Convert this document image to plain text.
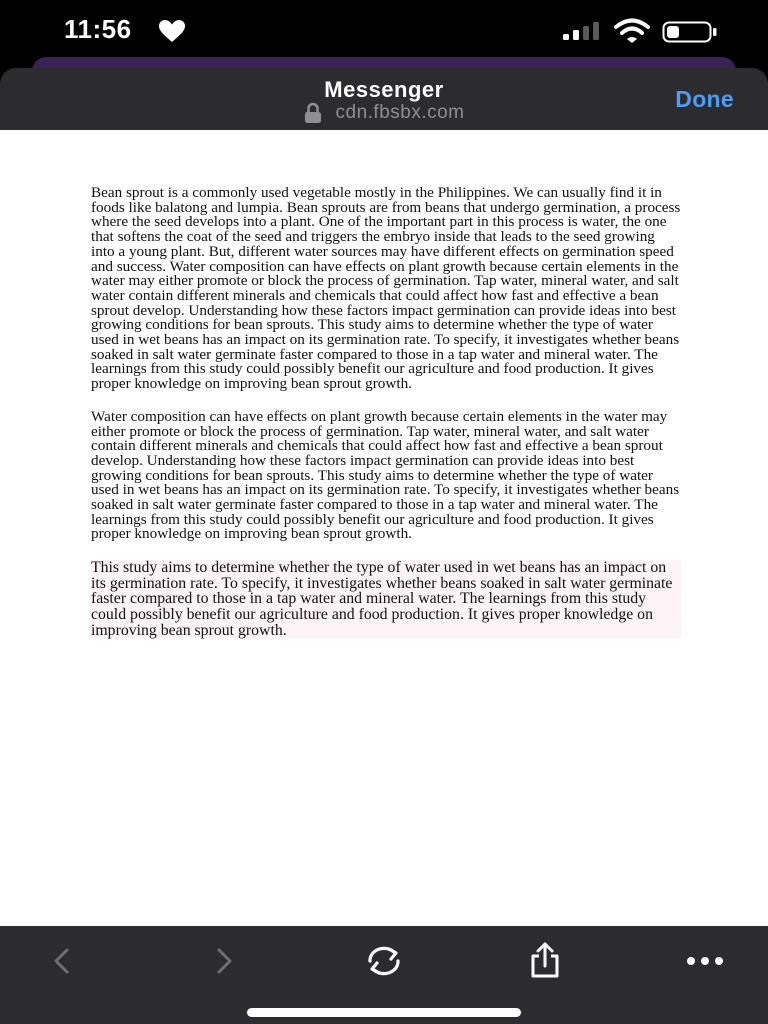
11:56
Messenger
cdn.fbsbx.com
Done

Bean sprout is a commonly used vegetable mostly in the Philippines. We can usually find it in foods like balatong and lumpia. Bean sprouts are from beans that undergo germination, a process where the seed develops into a plant. One of the important part in this process is water, the one that softens the coat of the seed and triggers the embryo inside that leads to the seed growing into a young plant. But, different water sources may have different effects on germination speed and success. Water composition can have effects on plant growth because certain elements in the water may either promote or block the process of germination. Tap water, mineral water, and salt water contain different minerals and chemicals that could affect how fast and effective a bean sprout develop. Understanding how these factors impact germination can provide ideas into best growing conditions for bean sprouts. This study aims to determine whether the type of water used in wet beans has an impact on its germination rate. To specify, it investigates whether beans soaked in salt water germinate faster compared to those in a tap water and mineral water. The learnings from this study could possibly benefit our agriculture and food production. It gives proper knowledge on improving bean sprout growth.

Water composition can have effects on plant growth because certain elements in the water may either promote or block the process of germination. Tap water, mineral water, and salt water contain different minerals and chemicals that could affect how fast and effective a bean sprout develop. Understanding how these factors impact germination can provide ideas into best growing conditions for bean sprouts. This study aims to determine whether the type of water used in wet beans has an impact on its germination rate. To specify, it investigates whether beans soaked in salt water germinate faster compared to those in a tap water and mineral water. The learnings from this study could possibly benefit our agriculture and food production. It gives proper knowledge on improving bean sprout growth.

This study aims to determine whether the type of water used in wet beans has an impact on its germination rate. To specify, it investigates whether beans soaked in salt water germinate faster compared to those in a tap water and mineral water. The learnings from this study could possibly benefit our agriculture and food production. It gives proper knowledge on improving bean sprout growth.
